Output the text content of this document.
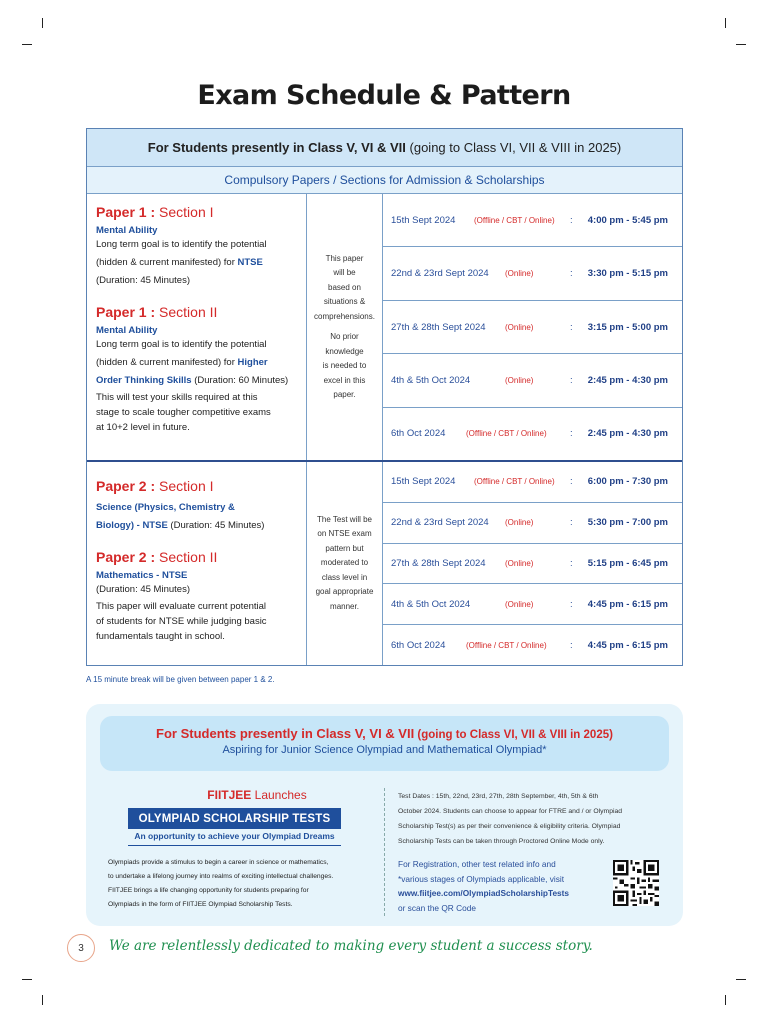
Exam Schedule & Pattern
For Students presently in Class V, VI & VII (going to Class VI, VII & VIII in 2025)
Compulsory Papers / Sections for Admission & Scholarships
Paper 1 : Section I
Mental Ability
Long term goal is to identify the potential
(hidden & current manifested) for NTSE
(Duration: 45 Minutes)
Paper 1 : Section II
Mental Ability
Long term goal is to identify the potential
(hidden & current manifested) for Higher
Order Thinking Skills (Duration: 60 Minutes)
This will test your skills required at this
stage to scale tougher competitive exams
at 10+2 level in future.
This paper
will be
based on
situations &
comprehensions.
No prior
knowledge
is needed to
excel in this
paper.
15th Sept 2024 (Offline / CBT / Online) : 4:00 pm - 5:45 pm
22nd & 23rd Sept 2024 (Online)	: 3:30 pm - 5:15 pm
27th & 28th Sept 2024 (Online)	: 3:15 pm - 5:00 pm
4th & 5th Oct 2024	(Online)	: 2:45 pm - 4:30 pm
6th Oct 2024	(Offline / CBT / Online) : 2:45 pm - 4:30 pm
Paper 2 : Section I
Science (Physics, Chemistry &
Biology) - NTSE (Duration: 45 Minutes)
Paper 2 : Section II
Mathematics - NTSE
(Duration: 45 Minutes)
This paper will evaluate current potential
of students for NTSE while judging basic
fundamentals taught in school.
The Test will be
on NTSE exam
pattern but
moderated to
class level in
goal appropriate
manner.
15th Sept 2024 (Offline / CBT / Online) : 6:00 pm - 7:30 pm
22nd & 23rd Sept 2024 (Online)	: 5:30 pm - 7:00 pm
27th & 28th Sept 2024 (Online)	: 5:15 pm - 6:45 pm
4th & 5th Oct 2024	(Online)	: 4:45 pm - 6:15 pm
6th Oct 2024	(Offline / CBT / Online) : 4:45 pm - 6:15 pm
A 15 minute break will be given between paper 1 & 2.
For Students presently in Class V, VI & VII (going to Class VI, VII & VIII in 2025)
Aspiring for Junior Science Olympiad and Mathematical Olympiad*
FIITJEE Launches
OLYMPIAD SCHOLARSHIP TESTS
An opportunity to achieve your Olympiad Dreams
Olympiads provide a stimulus to begin a career in science or mathematics,
to undertake a lifelong journey into realms of exciting intellectual challenges.
FIITJEE brings a life changing opportunity for students preparing for
Olympiads in the form of FIITJEE Olympiad Scholarship Tests.
Test Dates : 15th, 22nd, 23rd, 27th, 28th September, 4th, 5th & 6th
October 2024. Students can choose to appear for FTRE and / or Olympiad
Scholarship Test(s) as per their convenience & eligibility criteria. Olympiad
Scholarship Tests can be taken through Proctored Online Mode only.
For Registration, other test related info and
*various stages of Olympiads applicable, visit
www.fiitjee.com/OlympiadScholarshipTests
or scan the QR Code
3	We are relentlessly dedicated to making every student a success story.
